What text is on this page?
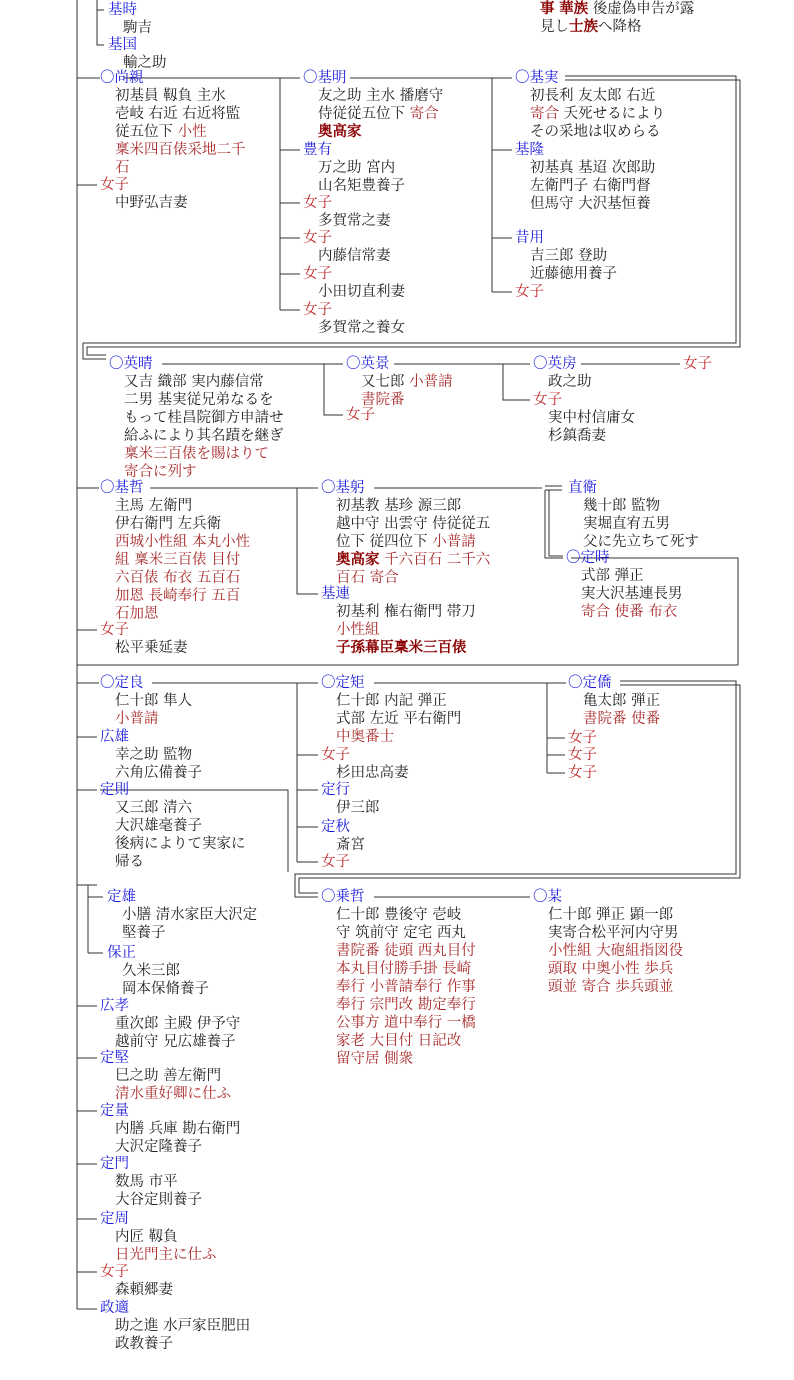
事 華族 後虚偽申告が露
見し士族へ降格
基時
駒吉
基国
輸之助
〇尚親
初基員 靱負 主水
壱岐 右近 右近将監
従五位下 小性
稟米四百俵采地二千
石
女子
中野弘吉妻
〇基明
友之助 主水 播磨守
侍従従五位下 寄合
奥高家
豊有
万之助 宮内
山名矩豊養子
女子
多賀常之妻
女子
内藤信常妻
女子
小田切直利妻
女子
多賀常之養女
〇基実
初長利 友太郎 右近
寄合 夭死せるにより
その采地は収めらる
基隆
初基真 基迢 次郎助
左衛門子 右衛門督
但馬守 大沢基恒養
昔用
吉三郎 登助
近藤徳用養子
女子
〇英晴
又吉 織部 実内藤信常
二男 基実従兄弟なるを
もって桂昌院御方申請せ
給ふにより其名蹟を継ぎ
稟米三百俵を賜はりて
寄合に列す
〇英景
又七郎 小普請
書院番
女子
〇英房
政之助
女子
女子
実中村信庸女
杉鎮喬妻
〇基哲
主馬 左衛門
伊右衛門 左兵衛
西城小性組 本丸小性
組 稟米三百俵 目付
六百俵 布衣 五百石
加恩 長崎奉行 五百
石加恩
女子
松平乗延妻
〇基躬
初基教 基珍 源三郎
越中守 出雲守 侍従従五
位下 従四位下 小普請
奥高家 千六百石 二千六
百石 寄合
基連
初基利 権右衛門 帯刀
小性組
子孫幕臣稟米三百俵
直衛
幾十郎 監物
実堀直宥五男
父に先立ちて死す
〇定時
式部 弾正
実大沢基連長男
寄合 使番 布衣
〇定良
仁十郎 隼人
小普請
広雄
幸之助 監物
六角広備養子
定則
又三郎 清六
大沢雄毫養子
後病によりて実家に
帰る
〇定矩
仁十郎 内記 弾正
式部 左近 平右衛門
中奥番士
女子
杉田忠高妻
定行
伊三郎
定秋
斎宮
女子
〇定僑
亀太郎 弾正
書院番 使番
女子
女子
女子
定雄
小膳 清水家臣大沢定
堅養子
保正
久米三郎
岡本保脩養子
広孝
重次郎 主殿 伊予守
越前守 兄広雄養子
定堅
巳之助 善左衛門
清水重好卿に仕ふ
定量
内膳 兵庫 勘右衛門
大沢定隆養子
定門
数馬 市平
大谷定則養子
定周
内匠 靱負
日光門主に仕ふ
女子
森頼郷妻
政適
助之進 水戸家臣肥田
政教養子
〇乗哲
仁十郎 豊後守 壱岐
守 筑前守 定宅 西丸
書院番 徒頭 西丸目付
本丸目付勝手掛 長崎
奉行 小普請奉行 作事
奉行 宗門改 勘定奉行
公事方 道中奉行 一橋
家老 大目付 日記改
留守居 側衆
〇某
仁十郎 弾正 顕一郎
実寄合松平河内守男
小性組 大砲組指図役
頭取 中奥小性 歩兵
頭並 寄合 歩兵頭並
